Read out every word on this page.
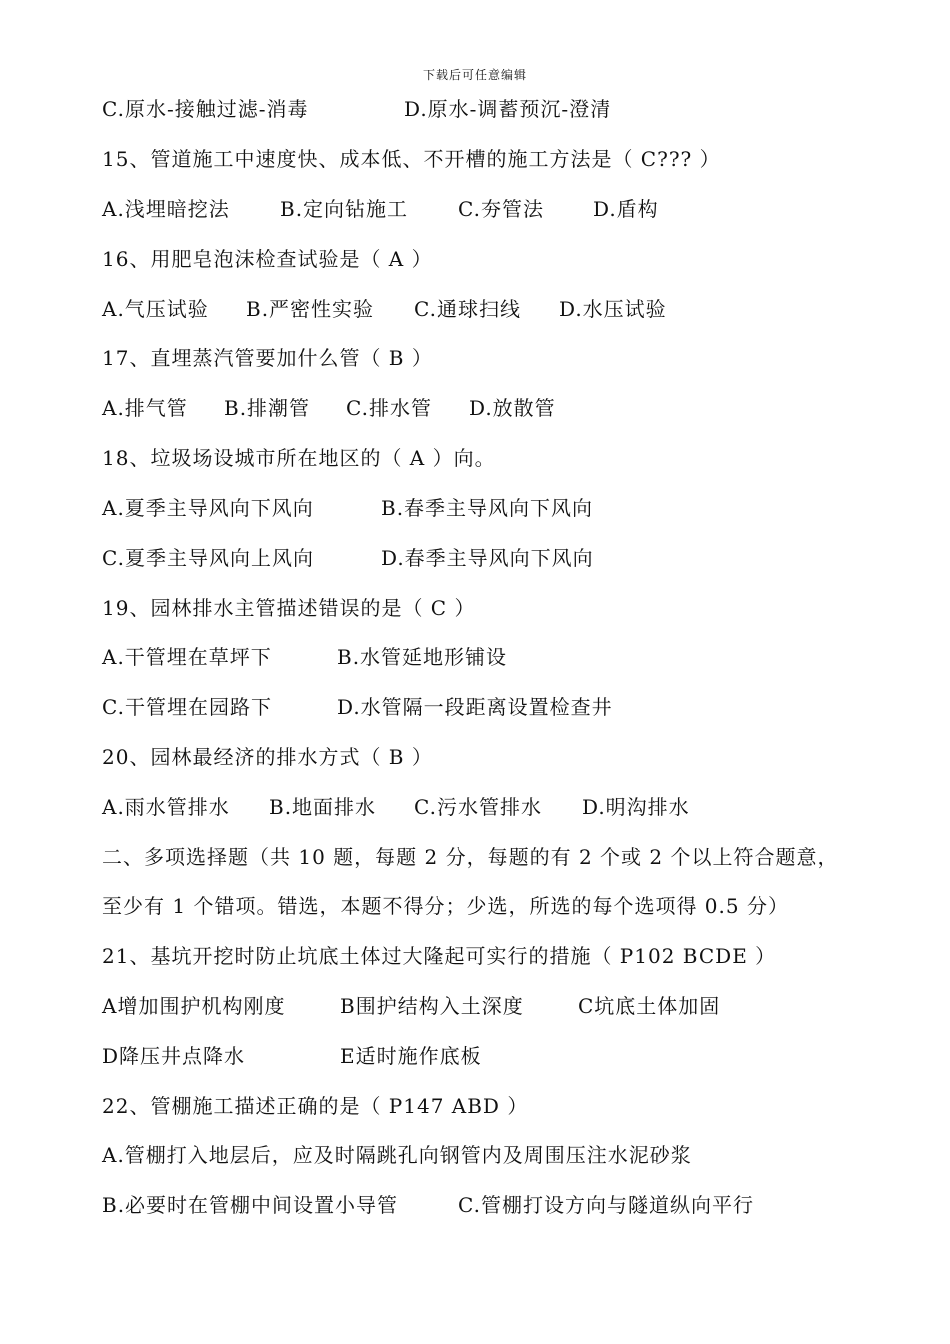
下载后可任意编辑
C.原水-接触过滤-消毒	D.原水-调蓄预沉-澄清
15、管道施工中速度快、成本低、不开槽的施工方法是（ C??? ）
A.浅埋暗挖法	B.定向钻施工 C.夯管法 D.盾构
16、用肥皂泡沫检查试验是（ A ）
A.气压试验 B.严密性实验 C.通球扫线 D.水压试验
17、直埋蒸汽管要加什么管（ B ）
A.排气管 B.排潮管 C.排水管 D.放散管
18、垃圾场设城市所在地区的（ A ）向。
A.夏季主导风向下风向	B.春季主导风向下风向
C.夏季主导风向上风向	D.春季主导风向下风向
19、园林排水主管描述错误的是（ C ）
A.干管埋在草坪下	B.水管延地形铺设
C.干管埋在园路下	D.水管隔一段距离设置检查井
20、园林最经济的排水方式（ B ）
A.雨水管排水 B.地面排水 C.污水管排水 D.明沟排水
二、多项选择题（共 10 题，每题 2 分，每题的有 2 个或 2 个以上符合题意，
至少有 1 个错项。错选，本题不得分；少选，所选的每个选项得 0.5 分）
21、基坑开挖时防止坑底土体过大隆起可实行的措施（ P102 BCDE ）
A增加围护机构刚度	B围护结构入土深度	C坑底土体加固
D降压井点降水	E适时施作底板
22、管棚施工描述正确的是（ P147 ABD ）
A.管棚打入地层后，应及时隔跳孔向钢管内及周围压注水泥砂浆
B.必要时在管棚中间设置小导管	C.管棚打设方向与隧道纵向平行
